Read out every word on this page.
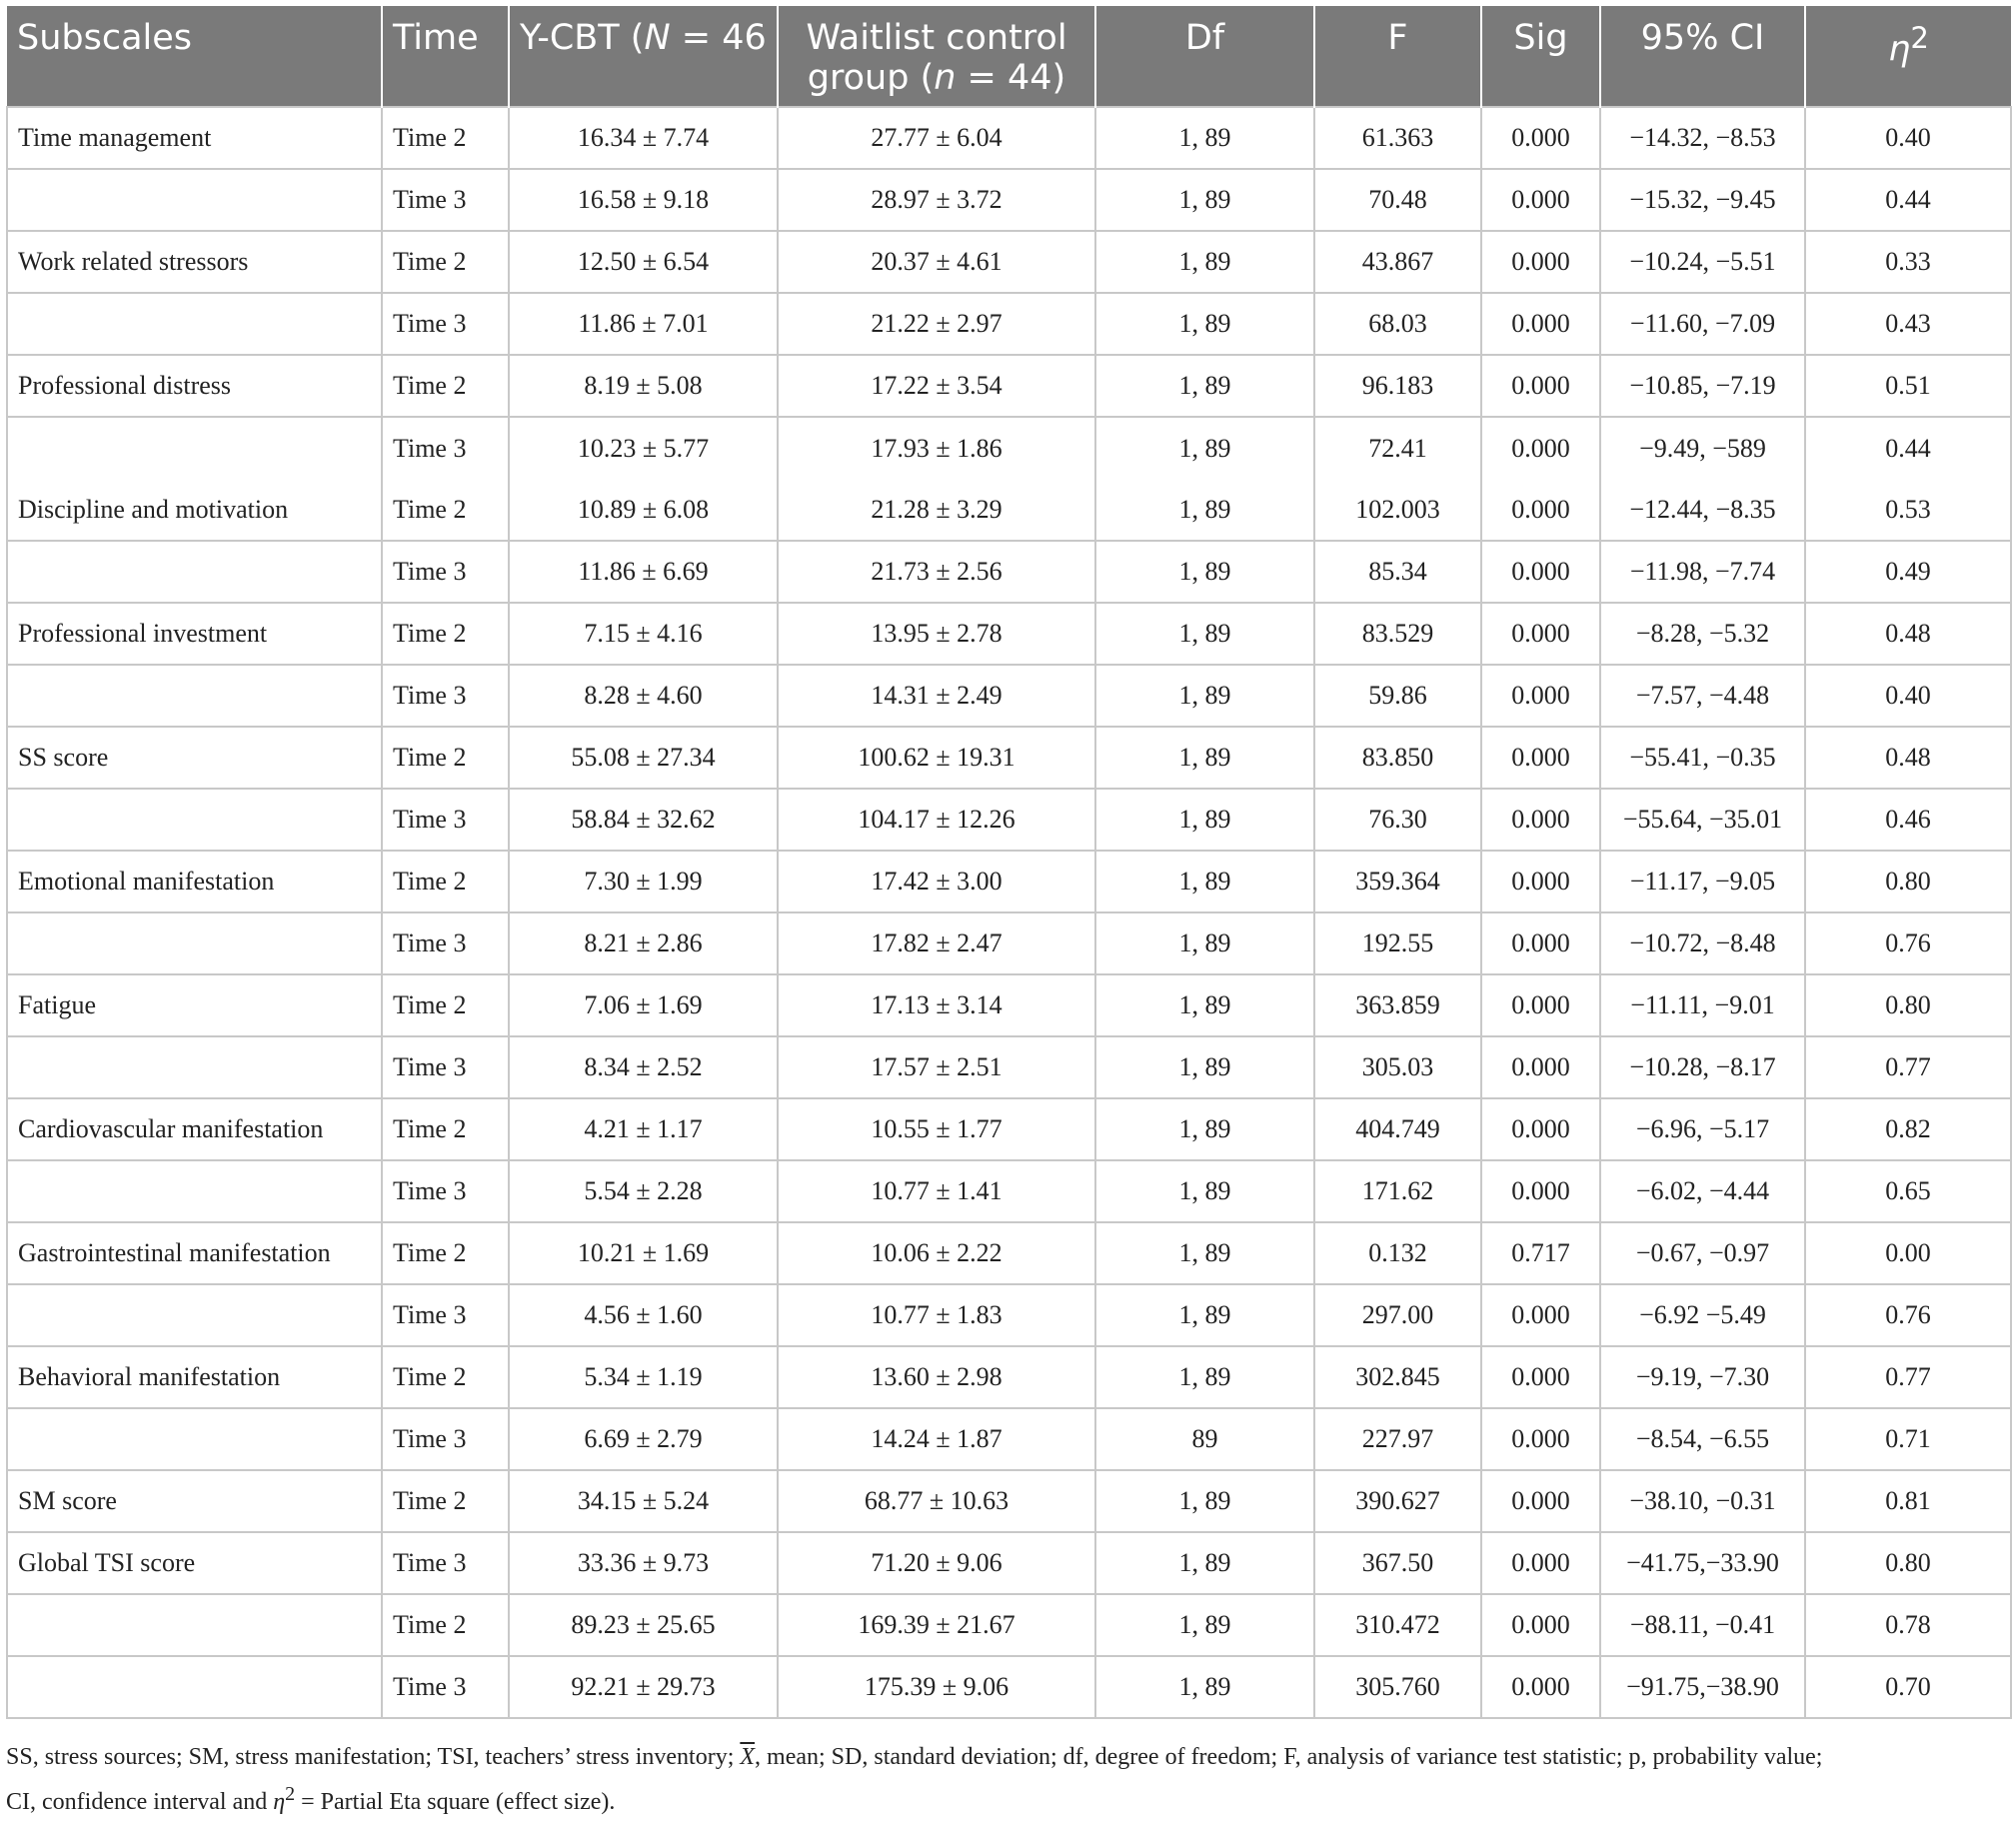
Subscales	Time	Y-CBT (N = 46	Waitlist control group (n = 44)	Df	F	Sig	95% CI	$\eta^2$
Time management	Time 2	16.34 ± 7.74	27.77 ± 6.04	1, 89	61.363	0.000	−14.32, −8.53	0.40
	Time 3	16.58 ± 9.18	28.97 ± 3.72	1, 89	70.48	0.000	−15.32, −9.45	0.44
Work related stressors	Time 2	12.50 ± 6.54	20.37 ± 4.61	1, 89	43.867	0.000	−10.24, −5.51	0.33
	Time 3	11.86 ± 7.01	21.22 ± 2.97	1, 89	68.03	0.000	−11.60, −7.09	0.43
Professional distress	Time 2	8.19 ± 5.08	17.22 ± 3.54	1, 89	96.183	0.000	−10.85, −7.19	0.51
	Time 3	10.23 ± 5.77	17.93 ± 1.86	1, 89	72.41	0.000	−9.49, −589	0.44
Discipline and motivation	Time 2	10.89 ± 6.08	21.28 ± 3.29	1, 89	102.003	0.000	−12.44, −8.35	0.53
	Time 3	11.86 ± 6.69	21.73 ± 2.56	1, 89	85.34	0.000	−11.98, −7.74	0.49
Professional investment	Time 2	7.15 ± 4.16	13.95 ± 2.78	1, 89	83.529	0.000	−8.28, −5.32	0.48
	Time 3	8.28 ± 4.60	14.31 ± 2.49	1, 89	59.86	0.000	−7.57, −4.48	0.40
SS score	Time 2	55.08 ± 27.34	100.62 ± 19.31	1, 89	83.850	0.000	−55.41, −0.35	0.48
	Time 3	58.84 ± 32.62	104.17 ± 12.26	1, 89	76.30	0.000	−55.64, −35.01	0.46
Emotional manifestation	Time 2	7.30 ± 1.99	17.42 ± 3.00	1, 89	359.364	0.000	−11.17, −9.05	0.80
	Time 3	8.21 ± 2.86	17.82 ± 2.47	1, 89	192.55	0.000	−10.72, −8.48	0.76
Fatigue	Time 2	7.06 ± 1.69	17.13 ± 3.14	1, 89	363.859	0.000	−11.11, −9.01	0.80
	Time 3	8.34 ± 2.52	17.57 ± 2.51	1, 89	305.03	0.000	−10.28, −8.17	0.77
Cardiovascular manifestation	Time 2	4.21 ± 1.17	10.55 ± 1.77	1, 89	404.749	0.000	−6.96, −5.17	0.82
	Time 3	5.54 ± 2.28	10.77 ± 1.41	1, 89	171.62	0.000	−6.02, −4.44	0.65
Gastrointestinal manifestation	Time 2	10.21 ± 1.69	10.06 ± 2.22	1, 89	0.132	0.717	−0.67, −0.97	0.00
	Time 3	4.56 ± 1.60	10.77 ± 1.83	1, 89	297.00	0.000	−6.92 −5.49	0.76
Behavioral manifestation	Time 2	5.34 ± 1.19	13.60 ± 2.98	1, 89	302.845	0.000	−9.19, −7.30	0.77
	Time 3	6.69 ± 2.79	14.24 ± 1.87	89	227.97	0.000	−8.54, −6.55	0.71
SM score	Time 2	34.15 ± 5.24	68.77 ± 10.63	1, 89	390.627	0.000	−38.10, −0.31	0.81
Global TSI score	Time 3	33.36 ± 9.73	71.20 ± 9.06	1, 89	367.50	0.000	−41.75,−33.90	0.80
	Time 2	89.23 ± 25.65	169.39 ± 21.67	1, 89	310.472	0.000	−88.11, −0.41	0.78
	Time 3	92.21 ± 29.73	175.39 ± 9.06	1, 89	305.760	0.000	−91.75,−38.90	0.70
SS, stress sources; SM, stress manifestation; TSI, teachers’ stress inventory; $\overline{X}$, mean; SD, standard deviation; df, degree of freedom; F, analysis of variance test statistic; p, probability value;
CI, confidence interval and $\eta^2$ = Partial Eta square (effect size).
